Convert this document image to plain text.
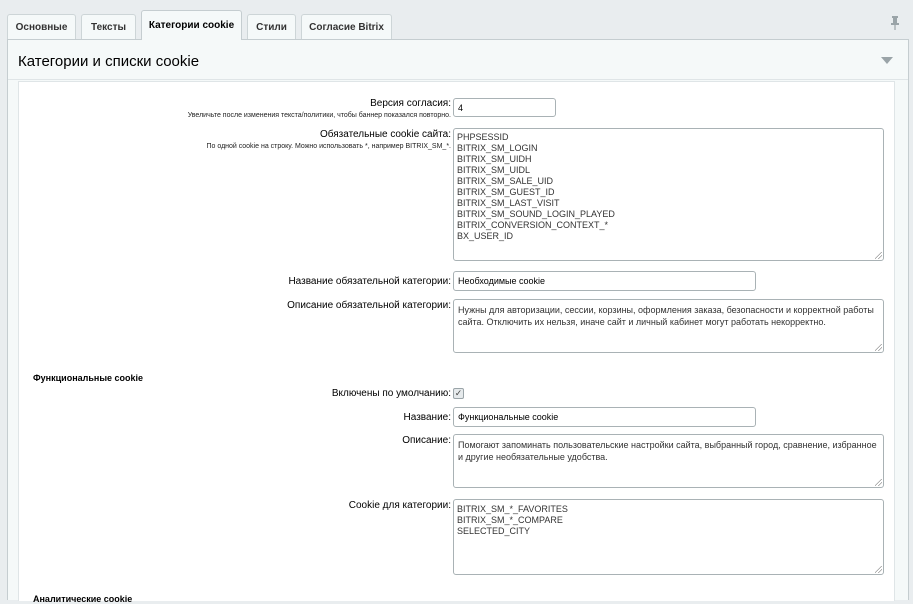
Основные	Тексты	Категории cookie	Стили	Согласие Bitrix
Категории и списки cookie
Версия согласия:
Увеличьте после изменения текста/политики, чтобы баннер показался повторно.
4
Обязательные cookie сайта:
По одной cookie на строку. Можно использовать *, например BITRIX_SM_*.
PHPSESSID
BITRIX_SM_LOGIN
BITRIX_SM_UIDH
BITRIX_SM_UIDL
BITRIX_SM_SALE_UID
BITRIX_SM_GUEST_ID
BITRIX_SM_LAST_VISIT
BITRIX_SM_SOUND_LOGIN_PLAYED
BITRIX_CONVERSION_CONTEXT_*
BX_USER_ID
Название обязательной категории: Необходимые cookie
Описание обязательной категории: Нужны для авторизации, сессии, корзины, оформления заказа, безопасности и корректной работы сайта. Отключить их нельзя, иначе сайт и личный кабинет могут работать некорректно.
Функциональные cookie
Включены по умолчанию: ✓
Название: Функциональные cookie
Описание: Помогают запоминать пользовательские настройки сайта, выбранный город, сравнение, избранное и другие необязательные удобства.
Cookie для категории: BITRIX_SM_*_FAVORITES
BITRIX_SM_*_COMPARE
SELECTED_CITY
Аналитические cookie
